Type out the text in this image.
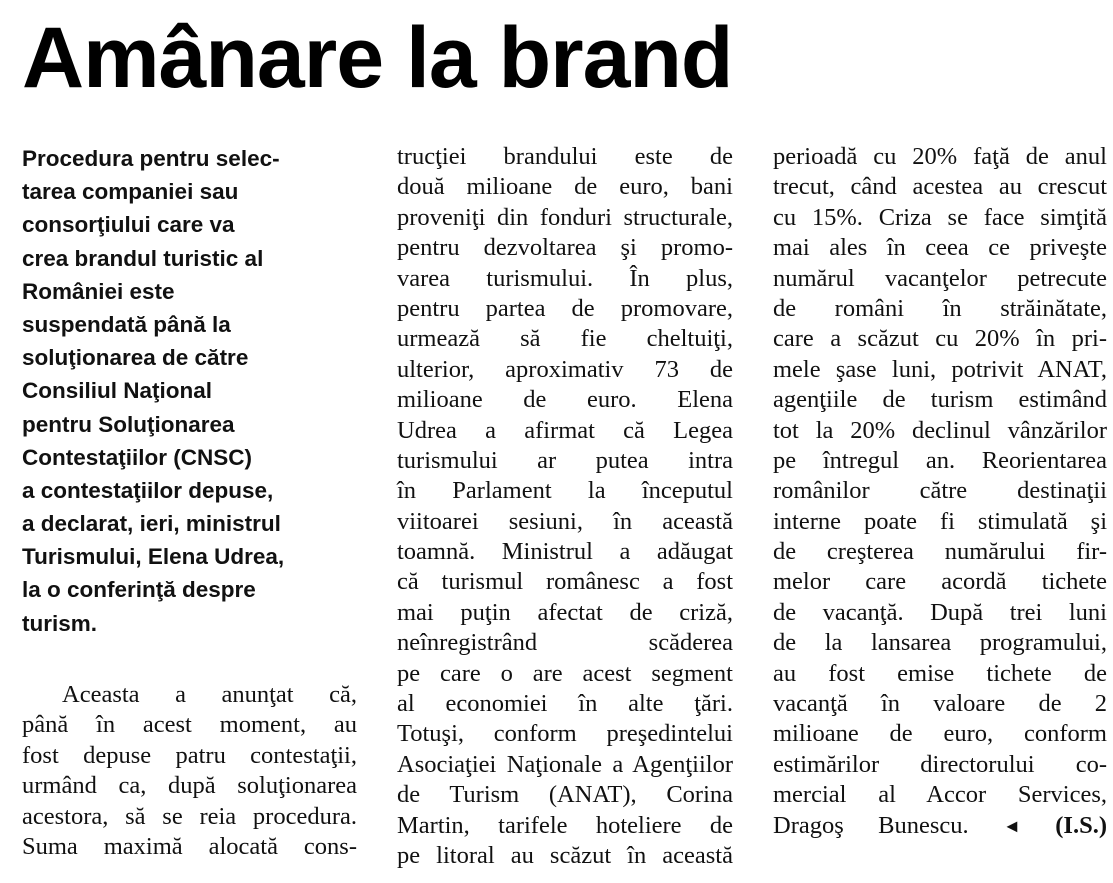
Amânare la brand
Procedura pentru selec-
tarea companiei sau
consorţiului care va
crea brandul turistic al
României este
suspendată până la
soluţionarea de către
Consiliul Naţional
pentru Soluţionarea
Contestaţiilor (CNSC)
a contestaţiilor depuse,
a declarat, ieri, ministrul
Turismului, Elena Udrea,
la o conferinţă despre
turism.
Aceasta a anunţat că,
până în acest moment, au
fost depuse patru contestaţii,
urmând ca, după soluţionarea
acestora, să se reia procedura.
Suma maximă alocată cons-
trucţiei brandului este de
două milioane de euro, bani
proveniţi din fonduri structurale,
pentru dezvoltarea şi promo-
varea turismului. În plus,
pentru partea de promovare,
urmează să fie cheltuiţi,
ulterior, aproximativ 73 de
milioane de euro. Elena
Udrea a afirmat că Legea
turismului ar putea intra
în Parlament la începutul
viitoarei sesiuni, în această
toamnă. Ministrul a adăugat
că turismul românesc a fost
mai puţin afectat de criză,
neînregistrând scăderea
pe care o are acest segment
al economiei în alte ţări.
Totuşi, conform preşedintelui
Asociaţiei Naţionale a Agenţiilor
de Turism (ANAT), Corina
Martin, tarifele hoteliere de
pe litoral au scăzut în această
perioadă cu 20% faţă de anul
trecut, când acestea au crescut
cu 15%. Criza se face simţită
mai ales în ceea ce priveşte
numărul vacanţelor petrecute
de români în străinătate,
care a scăzut cu 20% în pri-
mele şase luni, potrivit ANAT,
agenţiile de turism estimând
tot la 20% declinul vânzărilor
pe întregul an. Reorientarea
românilor către destinaţii
interne poate fi stimulată şi
de creşterea numărului fir-
melor care acordă tichete
de vacanţă. După trei luni
de la lansarea programului,
au fost emise tichete de
vacanţă în valoare de 2
milioane de euro, conform
estimărilor directorului co-
mercial al Accor Services,
Dragoş Bunescu. ◄ (I.S.)
